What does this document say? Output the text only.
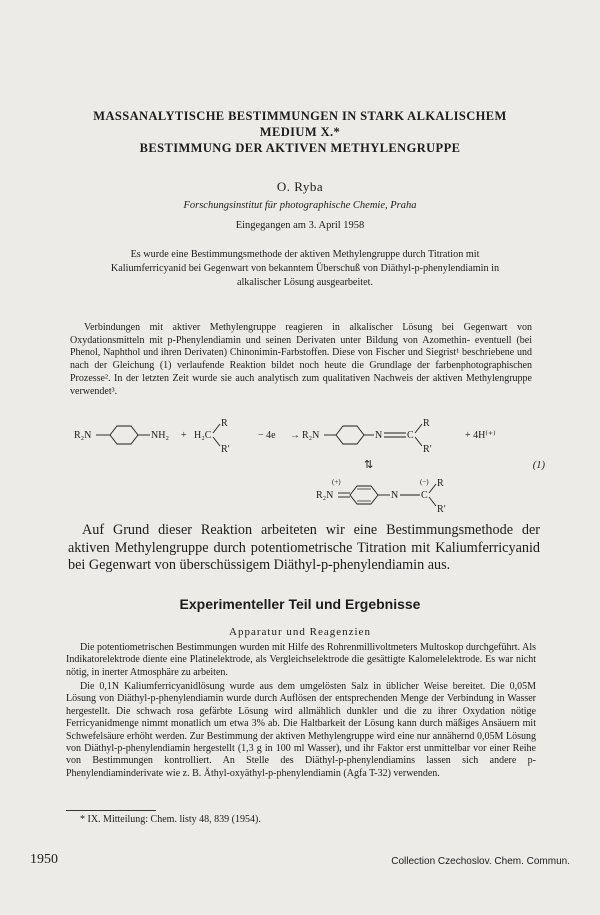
MASSANALYTISCHE BESTIMMUNGEN IN STARK ALKALISCHEM
MEDIUM X.*
BESTIMMUNG DER AKTIVEN METHYLENGRUPPE
O. Ryba
Forschungsinstitut für photographische Chemie, Praha
Eingegangen am 3. April 1958
Es wurde eine Bestimmungsmethode der aktiven Methylengruppe durch Titration mit Kaliumferricyanid bei Gegenwart von bekanntem Überschuß von Diäthyl-p-phenylendiamin in alkalischer Lösung ausgearbeitet.
Verbindungen mit aktiver Methylengruppe reagieren in alkalischer Lösung bei Gegenwart von Oxydationsmitteln mit p-Phenylendiamin und seinen Derivaten unter Bildung von Azomethin- eventuell (bei Phenol, Naphthol und ihren Derivaten) Chinonimin-Farbstoffen. Diese von Fischer und Siegrist¹ beschriebene und nach der Gleichung (1) verlaufende Reaktion bildet noch heute die Grundlage der farbenphotographischen Prozesse². In der letzten Zeit wurde sie auch analytisch zum qualitativen Nachweis der aktiven Methylengruppe verwendet³.
R₂N	NH₂ + H₂C
R
R′
− 4e → R₂N	N C
R
R′
+ 4H⁽⁺⁾
⇅
(+)
R₂N	N
(−)
C
R
R′
(1)
Auf Grund dieser Reaktion arbeiteten wir eine Bestimmungsmethode der aktiven Methylengruppe durch potentiometrische Titration mit Kaliumferricyanid bei Gegenwart von überschüssigem Diäthyl-p-phenylendiamin aus.
Experimenteller Teil und Ergebnisse
Apparatur und Reagenzien
Die potentiometrischen Bestimmungen wurden mit Hilfe des Rohrenmillivoltmeters Multoskop durchgeführt. Als Indikatorelektrode diente eine Platinelektrode, als Vergleichselektrode die gesättigte Kalomelelektrode. Es war nicht nötig, in inerter Atmosphäre zu arbeiten.
Die 0,1N Kaliumferricyanidlösung wurde aus dem umgelösten Salz in üblicher Weise bereitet. Die 0,05M Lösung von Diäthyl-p-phenylendiamin wurde durch Auflösen der entsprechenden Menge der Verbindung in Wasser hergestellt. Die schwach rosa gefärbte Lösung wird allmählich dunkler und die zu ihrer Oxydation nötige Ferricyanidmenge nimmt monatlich um etwa 3% ab. Die Haltbarkeit der Lösung kann durch mäßiges Ansäuern mit Schwefelsäure erhöht werden. Zur Bestimmung der aktiven Methylengruppe wird eine nur annähernd 0,05M Lösung von Diäthyl-p-phenylendiamin hergestellt (1,3 g in 100 ml Wasser), und ihr Faktor erst unmittelbar vor einer Reihe von Bestimmungen kontrolliert. An Stelle des Diäthyl-p-phenylendiamins lassen sich andere p-Phenylendiaminderivate wie z. B. Äthyl-oxyäthyl-p-phenylendiamin (Agfa T-32) verwenden.
* IX. Mitteilung: Chem. listy 48, 839 (1954).
1950	Collection Czechoslov. Chem. Commun.
